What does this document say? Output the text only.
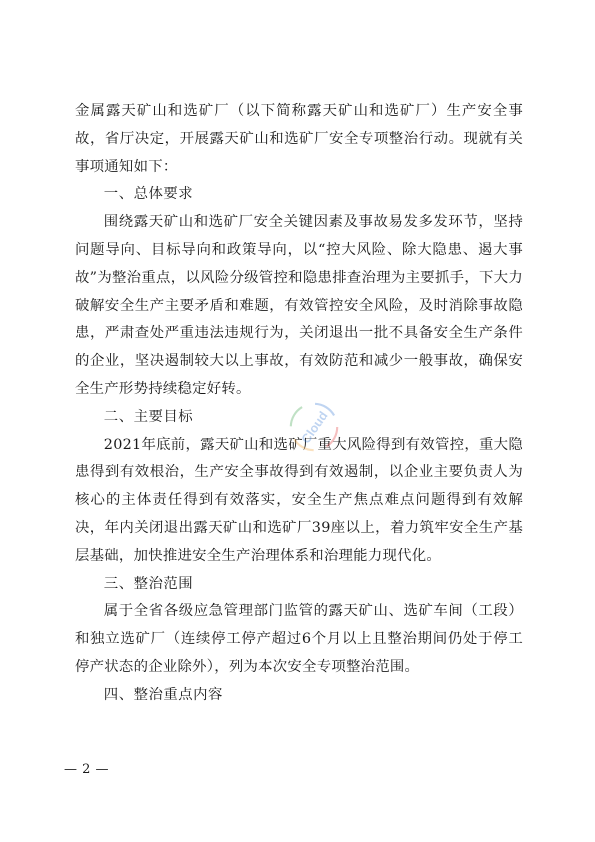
金属露天矿山和选矿厂（以下简称露天矿山和选矿厂）生产安全事故，省厅决定，开展露天矿山和选矿厂安全专项整治行动。现就有关事项通知如下：

一、总体要求

围绕露天矿山和选矿厂安全关键因素及事故易发多发环节，坚持问题导向、目标导向和政策导向，以“控大风险、除大隐患、遏大事故”为整治重点，以风险分级管控和隐患排查治理为主要抓手，下大力破解安全生产主要矛盾和难题，有效管控安全风险，及时消除事故隐患，严肃查处严重违法违规行为，关闭退出一批不具备安全生产条件的企业，坚决遏制较大以上事故，有效防范和减少一般事故，确保安全生产形势持续稳定好转。

二、主要目标

2021年底前，露天矿山和选矿厂重大风险得到有效管控，重大隐患得到有效根治，生产安全事故得到有效遏制，以企业主要负责人为核心的主体责任得到有效落实，安全生产焦点难点问题得到有效解决，年内关闭退出露天矿山和选矿厂39座以上，着力筑牢安全生产基层基础，加快推进安全生产治理体系和治理能力现代化。

三、整治范围

属于全省各级应急管理部门监管的露天矿山、选矿车间（工段）和独立选矿厂（连续停工停产超过6个月以上且整治期间仍处于停工停产状态的企业除外），列为本次安全专项整治范围。

四、整治重点内容
Cloud
— 2 —
